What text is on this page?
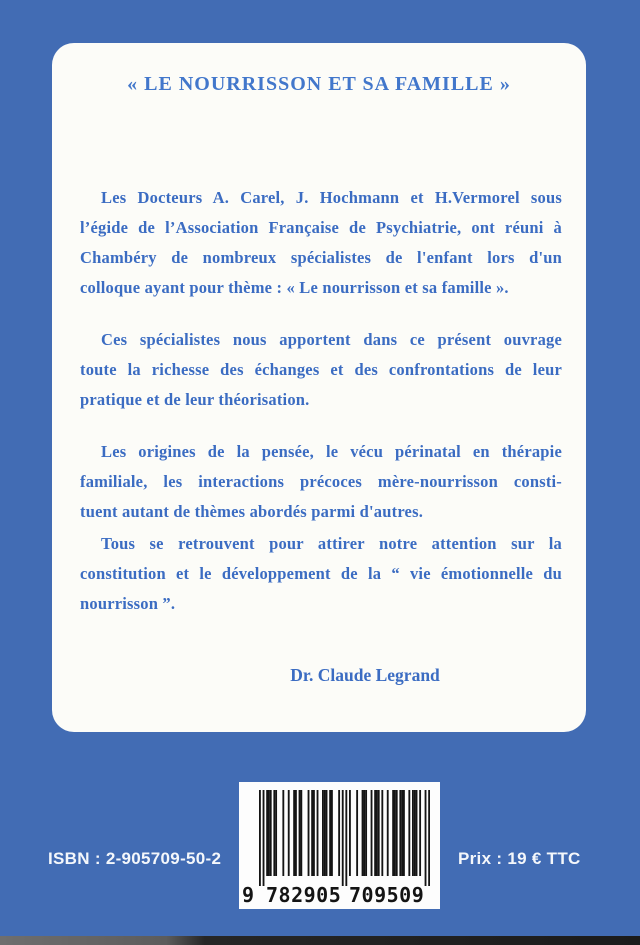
« LE NOURRISSON ET SA FAMILLE »
Les Docteurs A. Carel, J. Hochmann et H.Vermorel sous
l’égide de l’Association Française de Psychiatrie, ont réuni à
Chambéry de nombreux spécialistes de l'enfant lors d'un
colloque ayant pour thème : « Le nourrisson et sa famille ».
Ces spécialistes nous apportent dans ce présent ouvrage
toute la richesse des échanges et des confrontations de leur
pratique et de leur théorisation.
Les origines de la pensée, le vécu périnatal en thérapie
familiale, les interactions précoces mère-nourrisson consti-
tuent autant de thèmes abordés parmi d'autres.
Tous se retrouvent pour attirer notre attention sur la
constitution et le développement de la “ vie émotionnelle du
nourrisson ”.
Dr. Claude Legrand
ISBN : 2-905709-50-2
9 782905 709509
Prix : 19 € TTC
